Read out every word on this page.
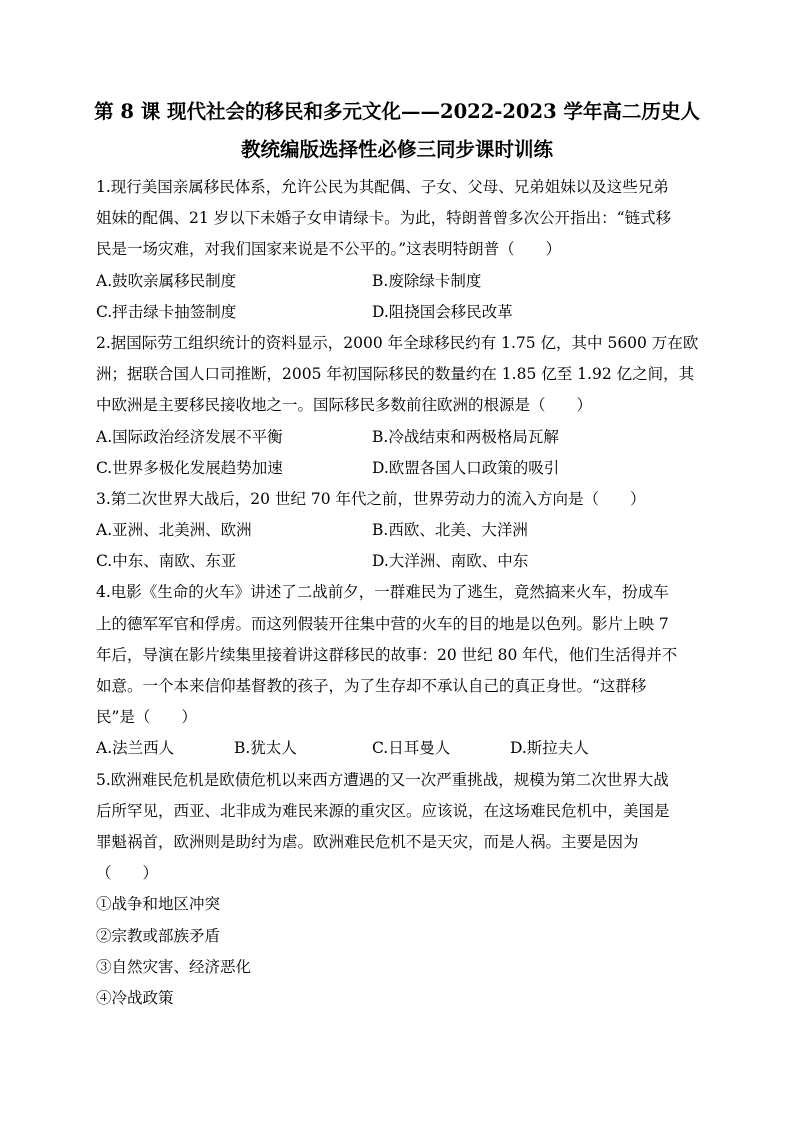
第 8 课 现代社会的移民和多元文化——2022-2023 学年高二历史人
教统编版选择性必修三同步课时训练
1.现行美国亲属移民体系，允许公民为其配偶、子女、父母、兄弟姐妹以及这些兄弟
姐妹的配偶、21 岁以下未婚子女申请绿卡。为此，特朗普曾多次公开指出：“链式移
民是一场灾难，对我们国家来说是不公平的。”这表明特朗普（　　）
A.鼓吹亲属移民制度	B.废除绿卡制度
C.抨击绿卡抽签制度	D.阻挠国会移民改革
2.据国际劳工组织统计的资料显示，2000 年全球移民约有 1.75 亿，其中 5600 万在欧
洲；据联合国人口司推断，2005 年初国际移民的数量约在 1.85 亿至 1.92 亿之间，其
中欧洲是主要移民接收地之一。国际移民多数前往欧洲的根源是（　　）
A.国际政治经济发展不平衡	B.冷战结束和两极格局瓦解
C.世界多极化发展趋势加速	D.欧盟各国人口政策的吸引
3.第二次世界大战后，20 世纪 70 年代之前，世界劳动力的流入方向是（　　）
A.亚洲、北美洲、欧洲	B.西欧、北美、大洋洲
C.中东、南欧、东亚	D.大洋洲、南欧、中东
4.电影《生命的火车》讲述了二战前夕，一群难民为了逃生，竟然搞来火车，扮成车
上的德军军官和俘虏。而这列假装开往集中营的火车的目的地是以色列。影片上映 7
年后，导演在影片续集里接着讲这群移民的故事：20 世纪 80 年代，他们生活得并不
如意。一个本来信仰基督教的孩子，为了生存却不承认自己的真正身世。“这群移
民”是（　　）
A.法兰西人	B.犹太人	C.日耳曼人	D.斯拉夫人
5.欧洲难民危机是欧债危机以来西方遭遇的又一次严重挑战，规模为第二次世界大战
后所罕见，西亚、北非成为难民来源的重灾区。应该说，在这场难民危机中，美国是
罪魁祸首，欧洲则是助纣为虐。欧洲难民危机不是天灾，而是人祸。主要是因为
（　　）
①战争和地区冲突
②宗教或部族矛盾
③自然灾害、经济恶化
④冷战政策
